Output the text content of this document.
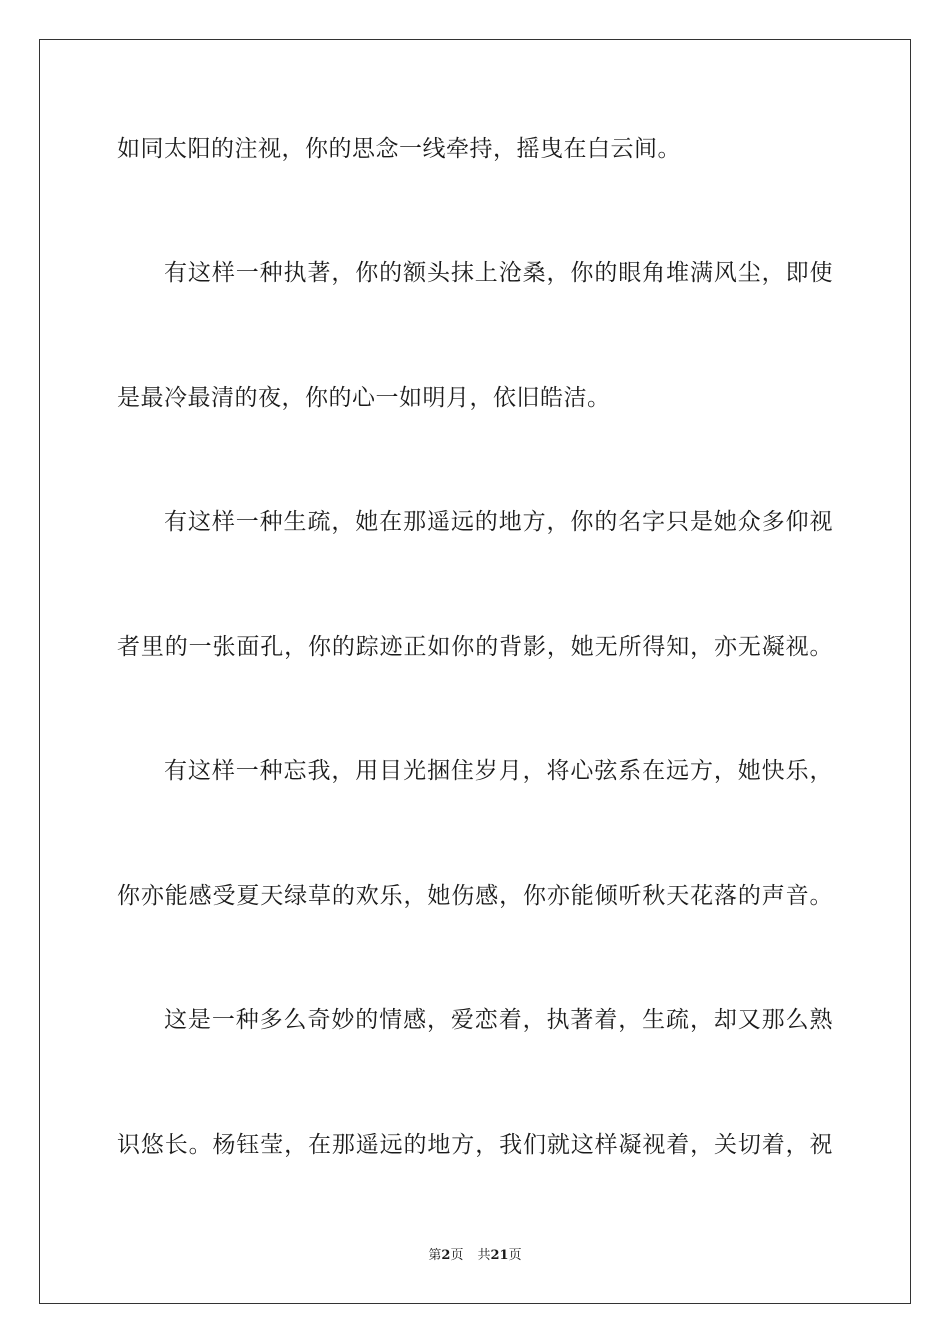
如同太阳的注视，你的思念一线牵持，摇曳在白云间。
有这样一种执著，你的额头抹上沧桑，你的眼角堆满风尘，即使
是最冷最清的夜，你的心一如明月，依旧皓洁。
有这样一种生疏，她在那遥远的地方，你的名字只是她众多仰视
者里的一张面孔，你的踪迹正如你的背影，她无所得知，亦无凝视。
有这样一种忘我，用目光捆住岁月，将心弦系在远方，她快乐，
你亦能感受夏天绿草的欢乐，她伤感，你亦能倾听秋天花落的声音。
这是一种多么奇妙的情感，爱恋着，执著着，生疏，却又那么熟
识悠长。杨钰莹，在那遥远的地方，我们就这样凝视着，关切着，祝
第2页 共21页
